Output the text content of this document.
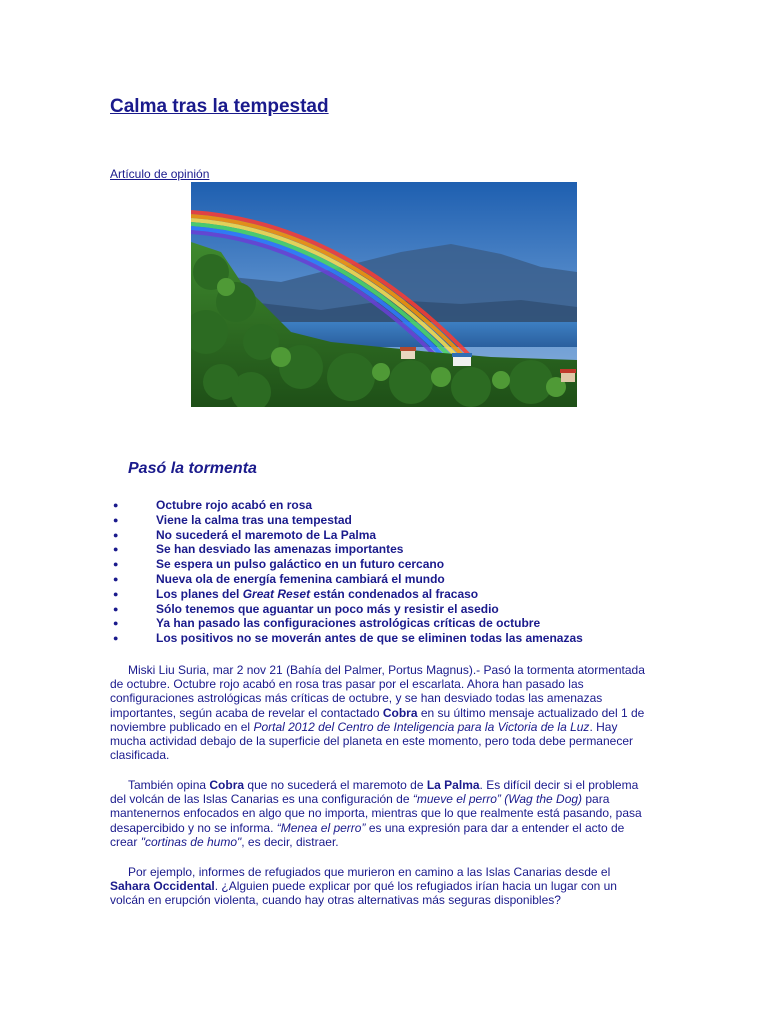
Calma tras la tempestad
Artículo de opinión
Pasó la tormenta
●	Octubre rojo acabó en rosa
●	Viene la calma tras una tempestad
●	No sucederá el maremoto de La Palma
●	Se han desviado las amenazas importantes
●	Se espera un pulso galáctico en un futuro cercano
●	Nueva ola de energía femenina cambiará el mundo
●	Los planes del Great Reset están condenados al fracaso
●	Sólo tenemos que aguantar un poco más y resistir el asedio
●	Ya han pasado las configuraciones astrológicas críticas de octubre
●	Los positivos no se moverán antes de que se eliminen todas las amenazas

Miski Liu Suria, mar 2 nov 21 (Bahía del Palmer, Portus Magnus).- Pasó la tormenta atormentada de octubre. Octubre rojo acabó en rosa tras pasar por el escarlata. Ahora han pasado las configuraciones astrológicas más críticas de octubre, y se han desviado todas las amenazas importantes, según acaba de revelar el contactado Cobra en su último mensaje actualizado del 1 de noviembre publicado en el Portal 2012 del Centro de Inteligencia para la Victoria de la Luz. Hay mucha actividad debajo de la superficie del planeta en este momento, pero toda debe permanecer clasificada.

También opina Cobra que no sucederá el maremoto de La Palma. Es difícil decir si el problema del volcán de las Islas Canarias es una configuración de “mueve el perro” (Wag the Dog) para mantenernos enfocados en algo que no importa, mientras que lo que realmente está pasando, pasa desapercibido y no se informa. “Menea el perro” es una expresión para dar a entender el acto de crear "cortinas de humo", es decir, distraer.

Por ejemplo, informes de refugiados que murieron en camino a las Islas Canarias desde el Sahara Occidental. ¿Alguien puede explicar por qué los refugiados irían hacia un lugar con un volcán en erupción violenta, cuando hay otras alternativas más seguras disponibles?
